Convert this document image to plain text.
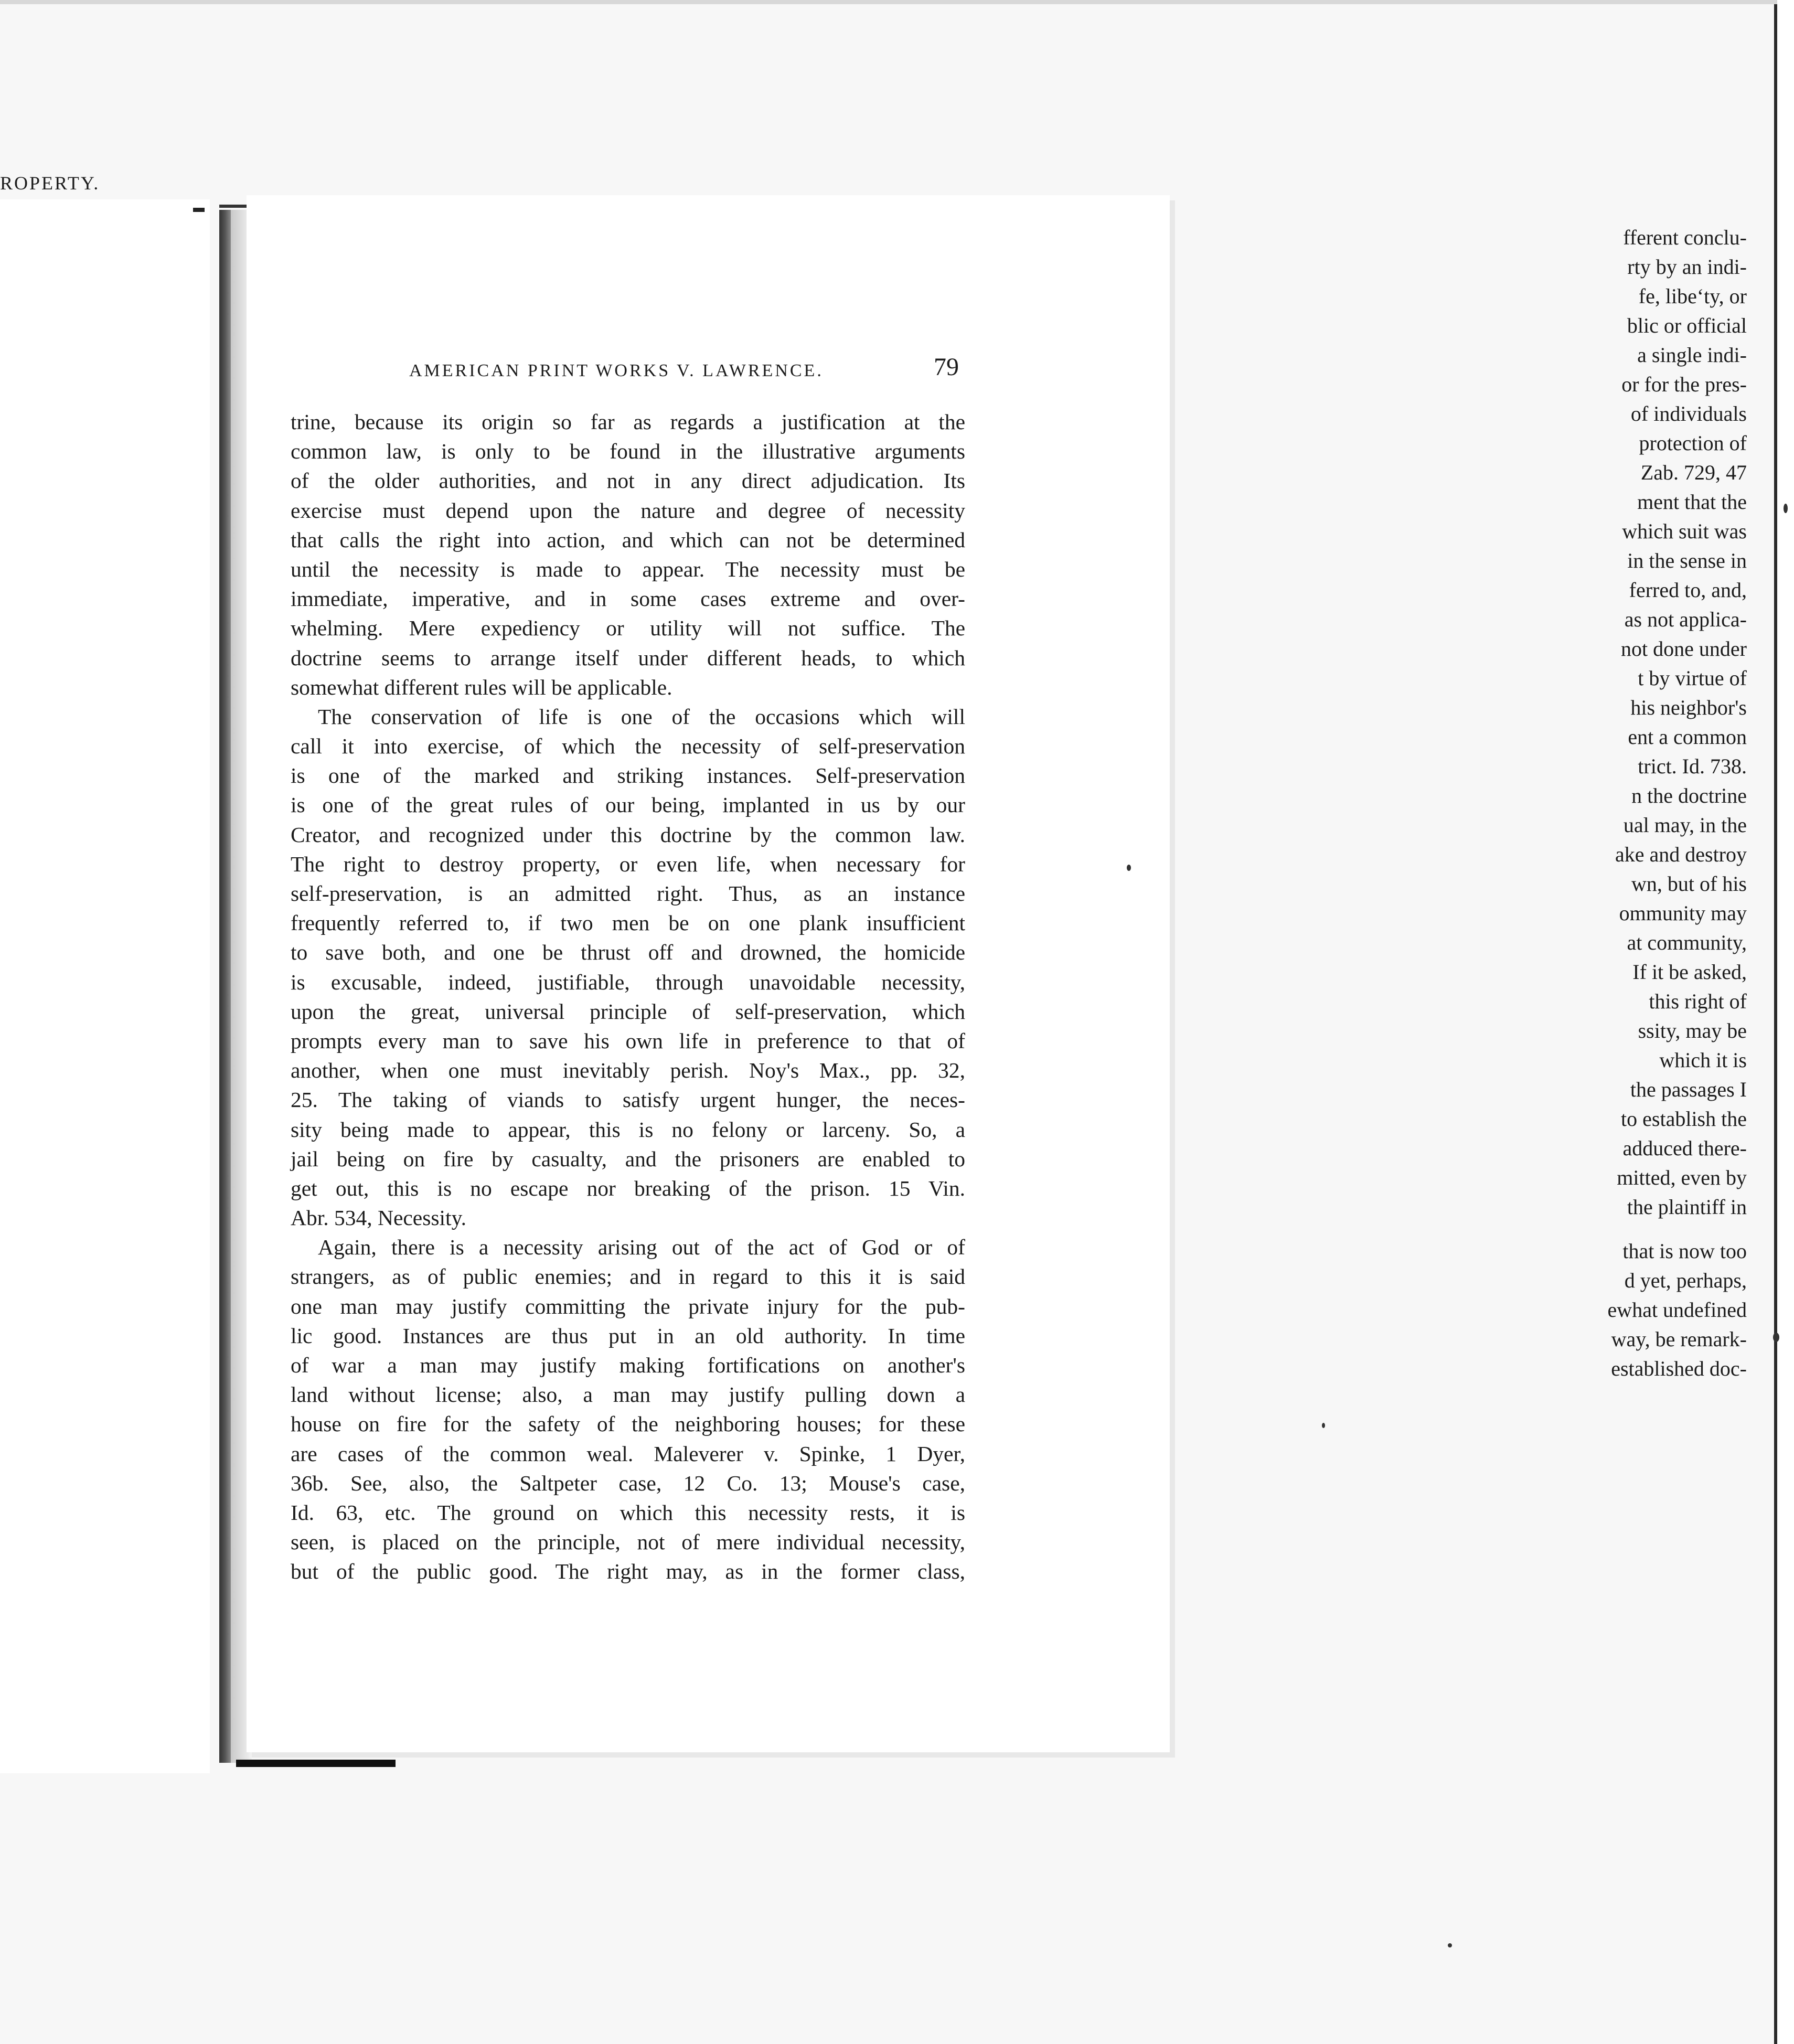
ROPERTY.
fferent conclu-
rty by an indi-
fe, libe‘ty, or
blic or official
a single indi-
or for the pres-
of individuals
protection of
Zab. 729, 47
ment that the
which suit was
in the sense in
ferred to, and,
as not applica-
not done under
t by virtue of
his neighbor's
ent a common
trict. Id. 738.
n the doctrine
ual may, in the
ake and destroy
wn, but of his
ommunity may
at community,
If it be asked,
this right of
ssity, may be
which it is
the passages I
to establish the
adduced there-
mitted, even by
the plaintiff in
that is now too
d yet, perhaps,
ewhat undefined
way, be remark-
established doc-
AMERICAN PRINT WORKS V. LAWRENCE.	79
trine, because its origin so far as regards a justification at the
common law, is only to be found in the illustrative arguments
of the older authorities, and not in any direct adjudication. Its
exercise must depend upon the nature and degree of necessity
that calls the right into action, and which can not be determined
until the necessity is made to appear. The necessity must be
immediate, imperative, and in some cases extreme and over-
whelming. Mere expediency or utility will not suffice. The
doctrine seems to arrange itself under different heads, to which
somewhat different rules will be applicable.
The conservation of life is one of the occasions which will
call it into exercise, of which the necessity of self-preservation
is one of the marked and striking instances. Self-preservation
is one of the great rules of our being, implanted in us by our
Creator, and recognized under this doctrine by the common law.
The right to destroy property, or even life, when necessary for
self-preservation, is an admitted right. Thus, as an instance
frequently referred to, if two men be on one plank insufficient
to save both, and one be thrust off and drowned, the homicide
is excusable, indeed, justifiable, through unavoidable necessity,
upon the great, universal principle of self-preservation, which
prompts every man to save his own life in preference to that of
another, when one must inevitably perish. Noy's Max., pp. 32,
25. The taking of viands to satisfy urgent hunger, the neces-
sity being made to appear, this is no felony or larceny. So, a
jail being on fire by casualty, and the prisoners are enabled to
get out, this is no escape nor breaking of the prison. 15 Vin.
Abr. 534, Necessity.
Again, there is a necessity arising out of the act of God or of
strangers, as of public enemies; and in regard to this it is said
one man may justify committing the private injury for the pub-
lic good. Instances are thus put in an old authority. In time
of war a man may justify making fortifications on another's
land without license; also, a man may justify pulling down a
house on fire for the safety of the neighboring houses; for these
are cases of the common weal. Maleverer v. Spinke, 1 Dyer,
36b. See, also, the Saltpeter case, 12 Co. 13; Mouse's case,
Id. 63, etc. The ground on which this necessity rests, it is
seen, is placed on the principle, not of mere individual necessity,
but of the public good. The right may, as in the former class,
